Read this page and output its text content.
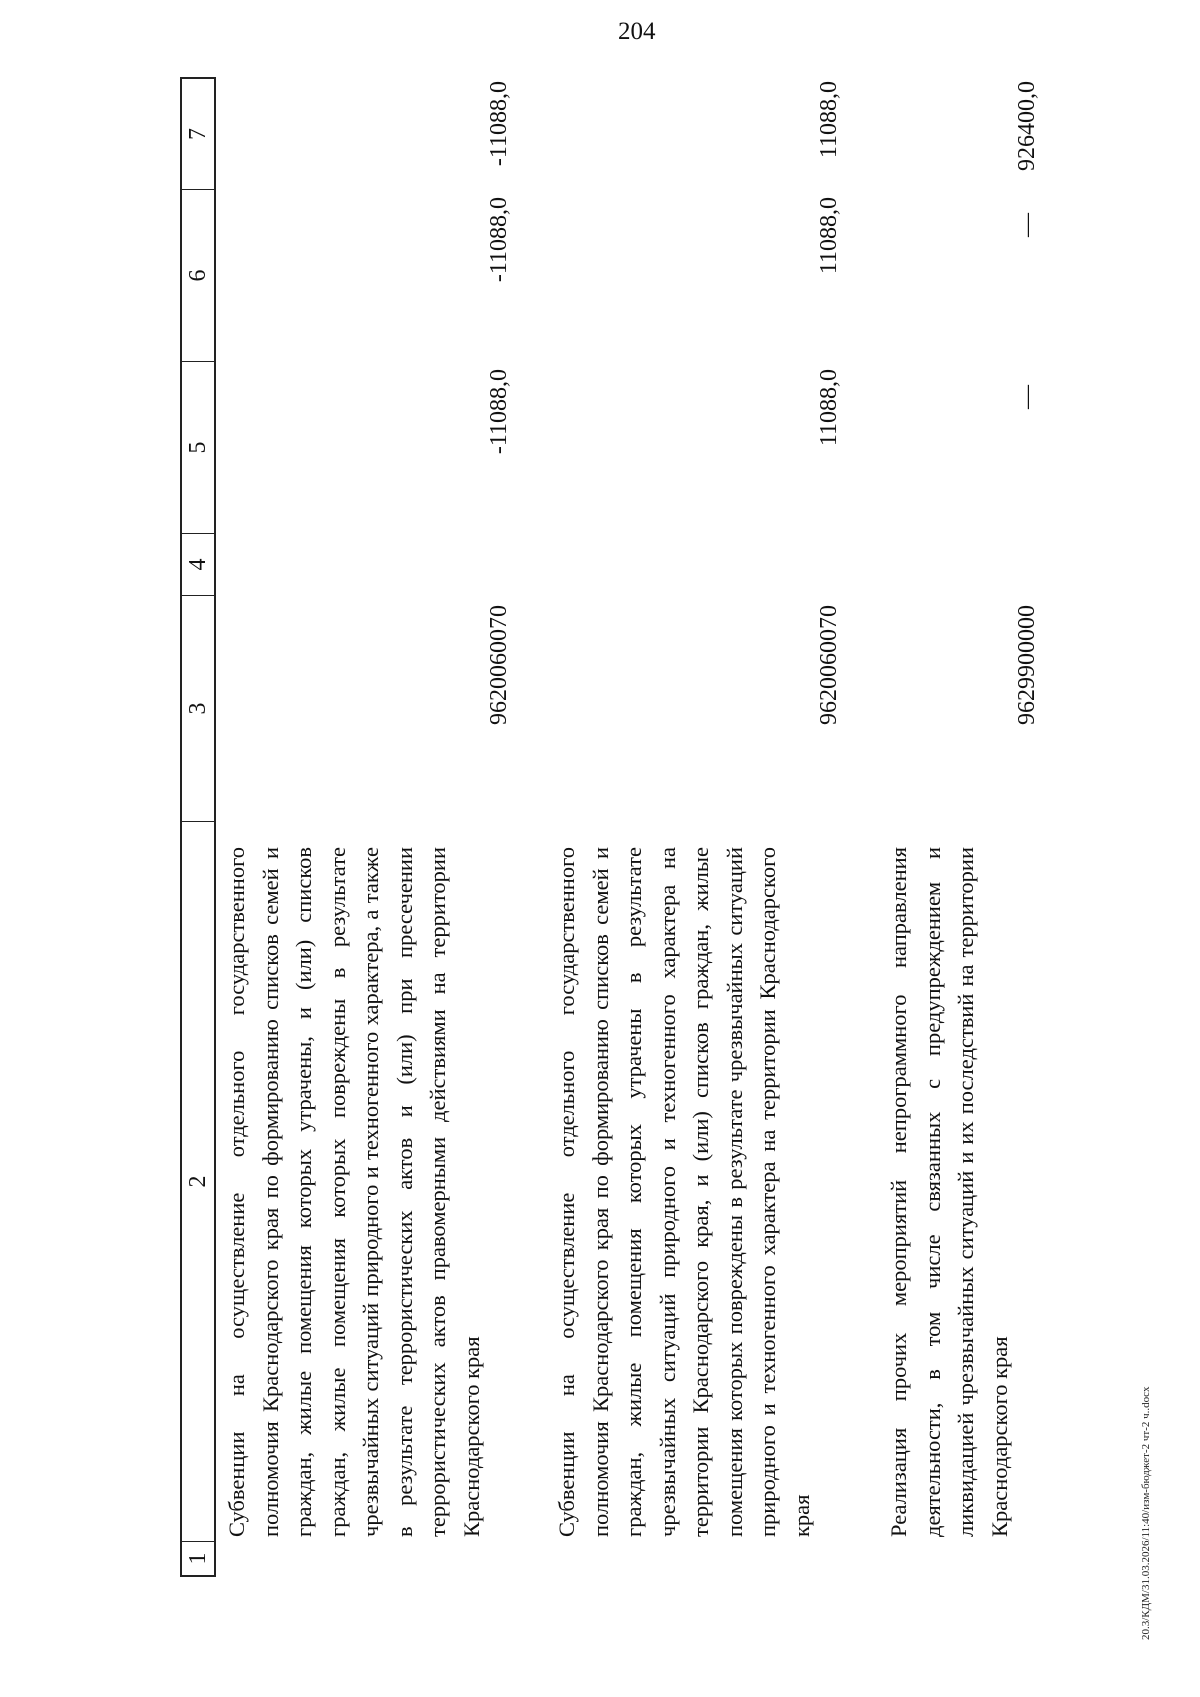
204
1
2
3
4
5
6
7
Субвенции на осуществление отдельного государственного полномочия Краснодарского края по формированию списков семей и граждан, жилые помещения которых утрачены, и (или) списков граждан, жилые помещения которых повреждены в результате чрезвычайных ситуаций природного и техногенного характера, а также в результате террористических актов и (или) при пресечении террористических актов правомерными действиями на территории Краснодарского края
9620060070
-11088,0
-11088,0
-11088,0
Субвенции на осуществление отдельного государственного полномочия Краснодарского края по формированию списков семей и граждан, жилые помещения которых утрачены в результате чрезвычайных ситуаций природного и техногенного характера на территории Краснодарского края, и (или) списков граждан, жилые помещения которых повреждены в результате чрезвычайных ситуаций природного и техногенного характера на территории Краснодарского края
9620060070
11088,0
11088,0
11088,0
Реализация прочих мероприятий непрограммного направления деятельности, в том числе связанных с предупреждением и ликвидацией чрезвычайных ситуаций и их последствий на территории Краснодарского края
9629900000
—
—
926400,0
20.3/КДМ/31.03.2026/11:40/изм-бюджет-2 чт-2 ч..docx
